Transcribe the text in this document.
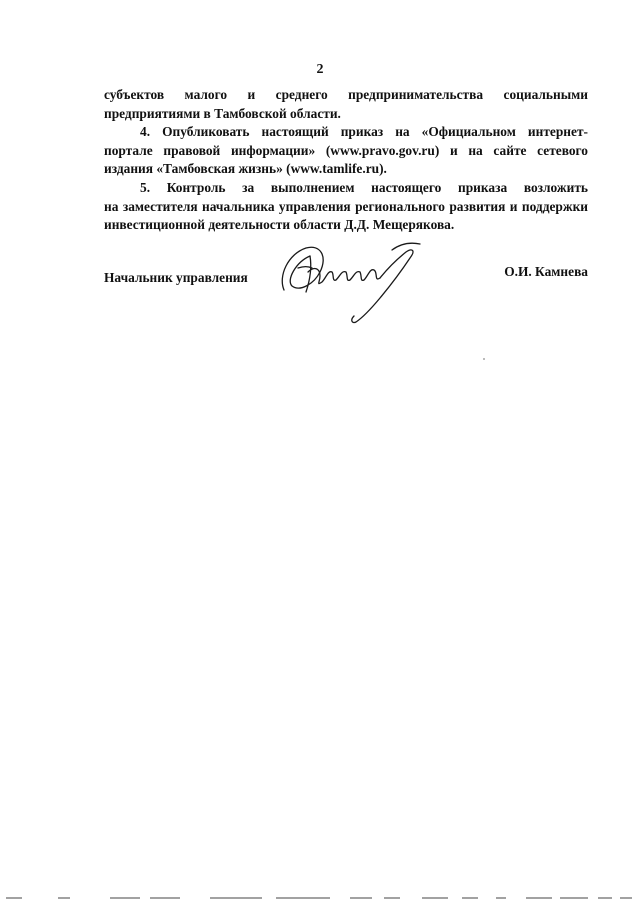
2

субъектов малого и среднего предпринимательства социальными
предприятиями в Тамбовской области.

4. Опубликовать настоящий приказ на «Официальном интернет-
портале правовой информации» (www.pravo.gov.ru) и на сайте сетевого
издания «Тамбовская жизнь» (www.tamlife.ru).

5. Контроль за выполнением настоящего приказа возложить
на заместителя начальника управления регионального развития и поддержки
инвестиционной деятельности области Д.Д. Мещерякова.

Начальник управления	О.И. Камнева
